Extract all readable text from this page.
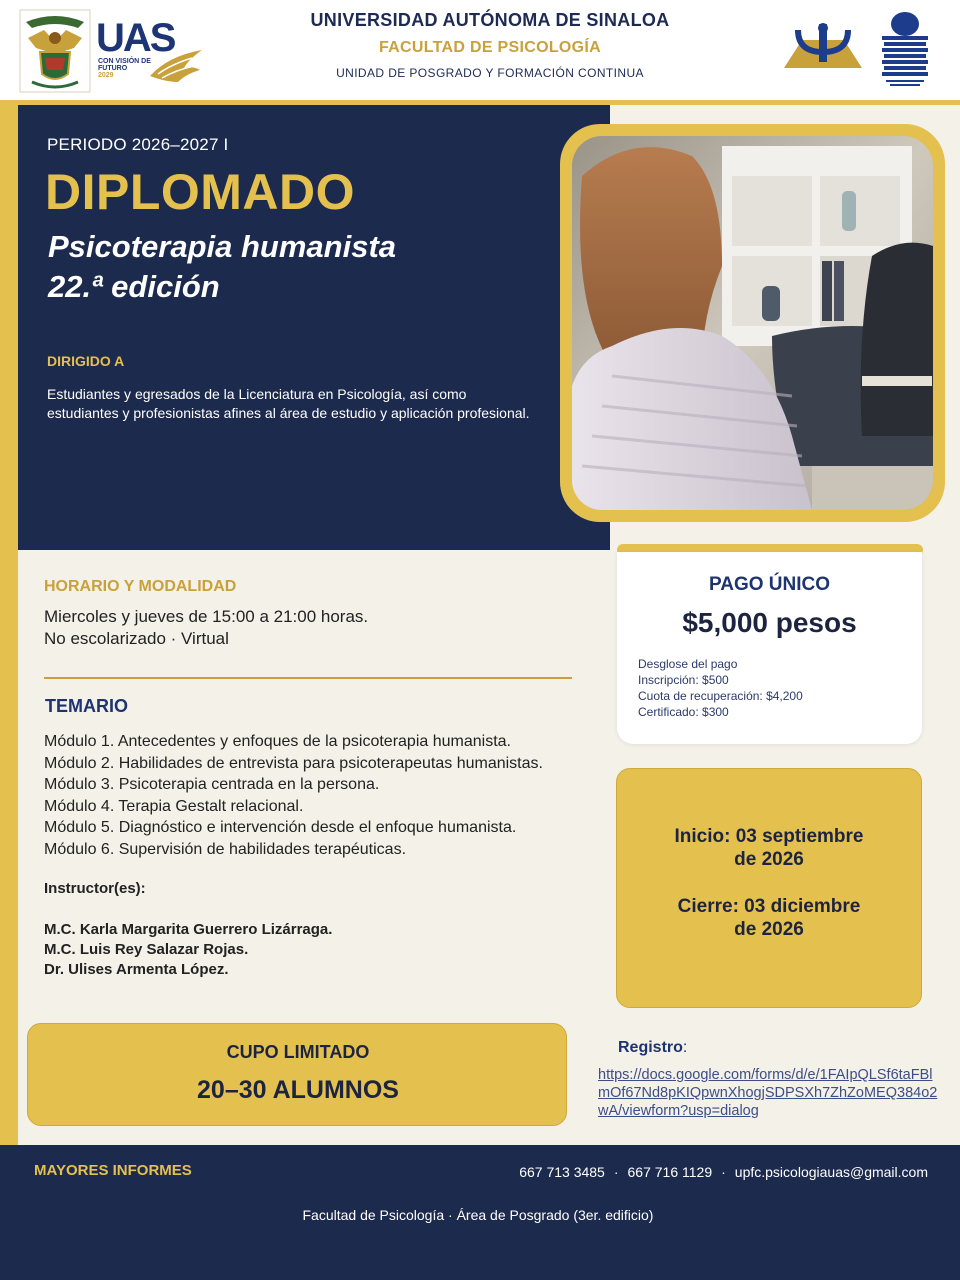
UAS
CON VISIÓN DE
FUTURO
2029
UNIVERSIDAD AUTÓNOMA DE SINALOA
FACULTAD DE PSICOLOGÍA
UNIDAD DE POSGRADO Y FORMACIÓN CONTINUA
PERIODO 2026–2027 I
DIPLOMADO
Psicoterapia humanista
22.ª edición
DIRIGIDO A
Estudiantes y egresados de la Licenciatura en Psicología, así como estudiantes y profesionistas afines al área de estudio y aplicación profesional.
HORARIO Y MODALIDAD
Miercoles y jueves de 15:00 a 21:00 horas.
No escolarizado · Virtual
TEMARIO
Módulo 1. Antecedentes y enfoques de la psicoterapia humanista.
Módulo 2. Habilidades de entrevista para psicoterapeutas humanistas.
Módulo 3. Psicoterapia centrada en la persona.
Módulo 4. Terapia Gestalt relacional.
Módulo 5. Diagnóstico e intervención desde el enfoque humanista.
Módulo 6. Supervisión de habilidades terapéuticas.
Instructor(es):
M.C. Karla Margarita Guerrero Lizárraga.
M.C. Luis Rey Salazar Rojas.
Dr. Ulises Armenta López.
PAGO ÚNICO
$5,000 pesos
Desglose del pago
Inscripción: $500
Cuota de recuperación: $4,200
Certificado: $300
Inicio: 03 septiembre
de 2026
Cierre: 03 diciembre
de 2026
CUPO LIMITADO
20–30 ALUMNOS
Registro:
https://docs.google.com/forms/d/e/1FAIpQLSf6taFBlmOf67Nd8pKIQpwnXhogjSDPSXh7ZhZoMEQ384o2wA/viewform?usp=dialog
MAYORES INFORMES	667 713 3485 · 667 716 1129 · upfc.psicologiauas@gmail.com
Facultad de Psicología · Área de Posgrado (3er. edificio)
